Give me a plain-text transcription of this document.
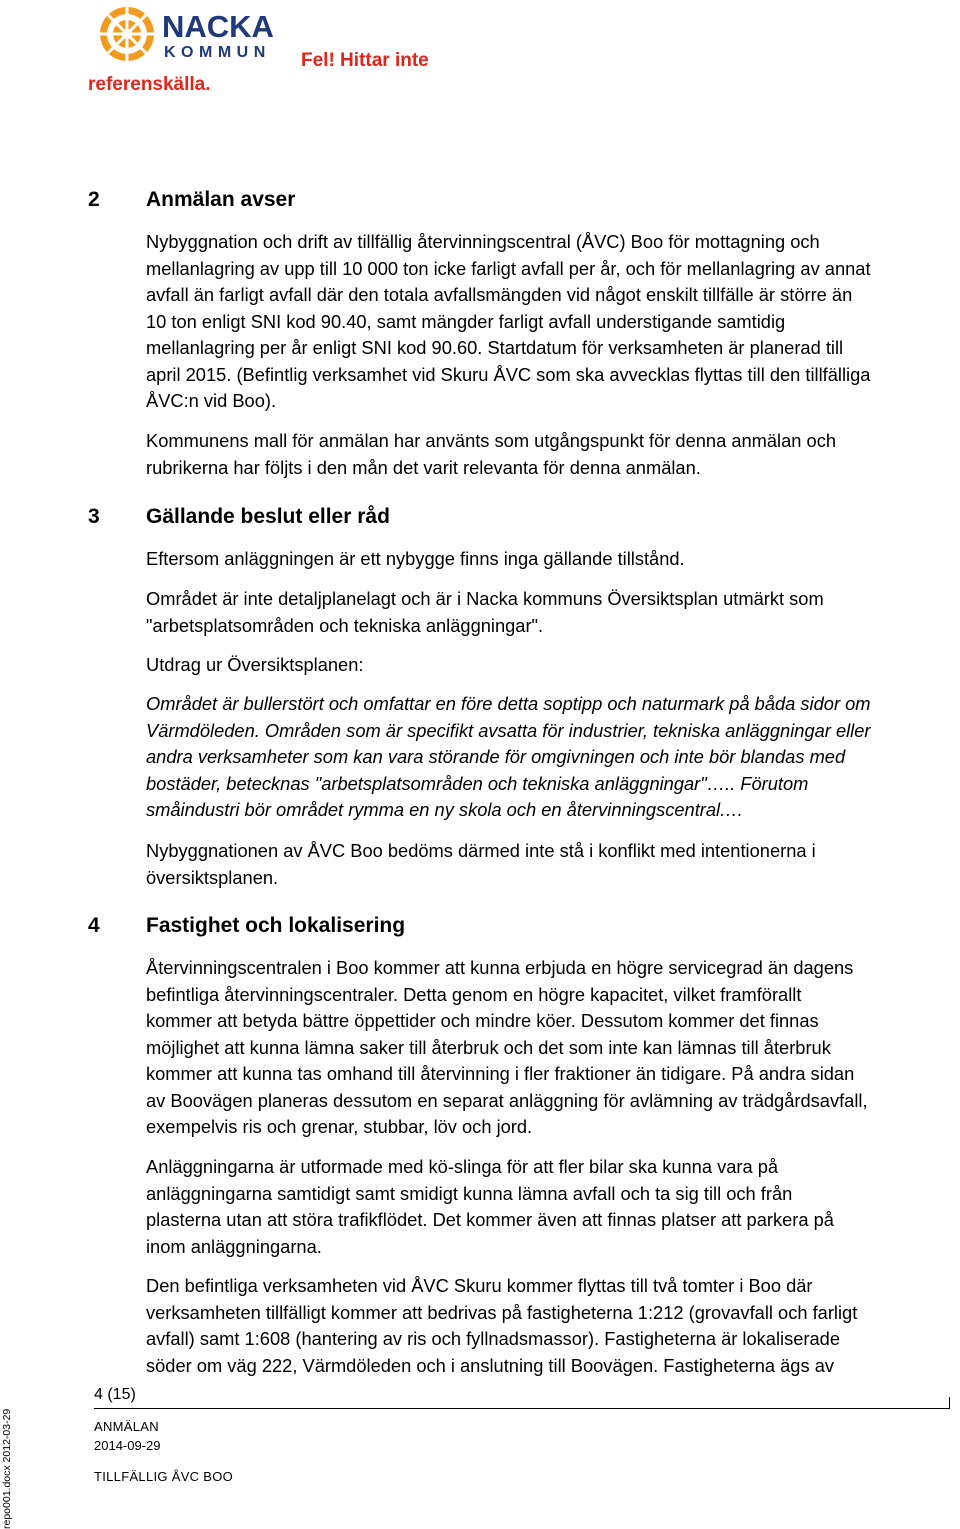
NACKA
KOMMUN Fel! Hittar inte
referenskälla.
2 Anmälan avser
Nybyggnation och drift av tillfällig återvinningscentral (ÅVC) Boo för mottagning och
mellanlagring av upp till 10 000 ton icke farligt avfall per år, och för mellanlagring av annat
avfall än farligt avfall där den totala avfallsmängden vid något enskilt tillfälle är större än
10 ton enligt SNI kod 90.40, samt mängder farligt avfall understigande samtidig
mellanlagring per år enligt SNI kod 90.60. Startdatum för verksamheten är planerad till
april 2015. (Befintlig verksamhet vid Skuru ÅVC som ska avvecklas flyttas till den tillfälliga
ÅVC:n vid Boo).
Kommunens mall för anmälan har använts som utgångspunkt för denna anmälan och
rubrikerna har följts i den mån det varit relevanta för denna anmälan.
3 Gällande beslut eller råd
Eftersom anläggningen är ett nybygge finns inga gällande tillstånd.
Området är inte detaljplanelagt och är i Nacka kommuns Översiktsplan utmärkt som
"arbetsplatsområden och tekniska anläggningar".
Utdrag ur Översiktsplanen:
Området är bullerstört och omfattar en före detta soptipp och naturmark på båda sidor om
Värmdöleden. Områden som är specifikt avsatta för industrier, tekniska anläggningar eller
andra verksamheter som kan vara störande för omgivningen och inte bör blandas med
bostäder, betecknas "arbetsplatsområden och tekniska anläggningar"….. Förutom
småindustri bör området rymma en ny skola och en återvinningscentral.…
Nybyggnationen av ÅVC Boo bedöms därmed inte stå i konflikt med intentionerna i
översiktsplanen.
4 Fastighet och lokalisering
Återvinningscentralen i Boo kommer att kunna erbjuda en högre servicegrad än dagens
befintliga återvinningscentraler. Detta genom en högre kapacitet, vilket framförallt
kommer att betyda bättre öppettider och mindre köer. Dessutom kommer det finnas
möjlighet att kunna lämna saker till återbruk och det som inte kan lämnas till återbruk
kommer att kunna tas omhand till återvinning i fler fraktioner än tidigare. På andra sidan
av Boovägen planeras dessutom en separat anläggning för avlämning av trädgårdsavfall,
exempelvis ris och grenar, stubbar, löv och jord.
Anläggningarna är utformade med kö-slinga för att fler bilar ska kunna vara på
anläggningarna samtidigt samt smidigt kunna lämna avfall och ta sig till och från
plasterna utan att störa trafikflödet. Det kommer även att finnas platser att parkera på
inom anläggningarna.
Den befintliga verksamheten vid ÅVC Skuru kommer flyttas till två tomter i Boo där
verksamheten tillfälligt kommer att bedrivas på fastigheterna 1:212 (grovavfall och farligt
avfall) samt 1:608 (hantering av ris och fyllnadsmassor). Fastigheterna är lokaliserade
söder om väg 222, Värmdöleden och i anslutning till Boovägen. Fastigheterna ägs av
4 (15)
ANMÄLAN
2014-09-29
TILLFÄLLIG ÅVC BOO
repo001.docx 2012-03-29
